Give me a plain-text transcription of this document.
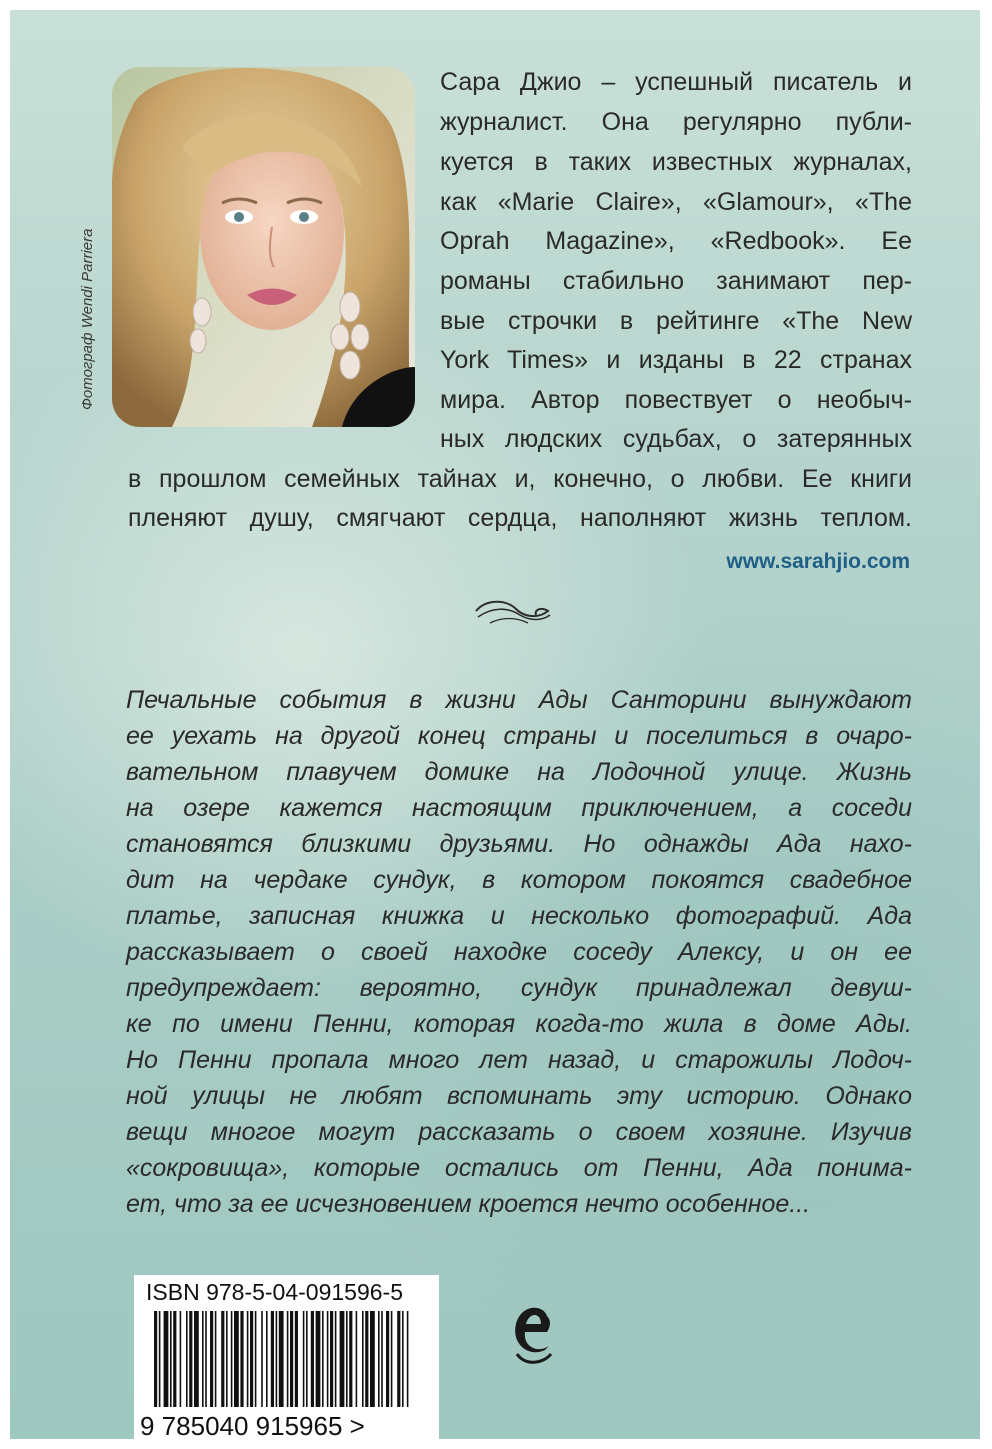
Фотограф Wendi Parriera
Сара Джио – успешный писатель и
журналист. Она регулярно публи-
куется в таких известных журналах,
как «Marie Claire», «Glamour», «The
Oprah Magazine», «Redbook». Ее
романы стабильно занимают пер-
вые строчки в рейтинге «The New
York Times» и изданы в 22 странах
мира. Автор повествует о необыч-
ных людских судьбах, о затерянных
в прошлом семейных тайнах и, конечно, о любви. Ее книги
пленяют душу, смягчают сердца, наполняют жизнь теплом.
www.sarahjio.com
Печальные события в жизни Ады Санторини вынуждают
ее уехать на другой конец страны и поселиться в очаро-
вательном плавучем домике на Лодочной улице. Жизнь
на озере кажется настоящим приключением, а соседи
становятся близкими друзьями. Но однажды Ада нахо-
дит на чердаке сундук, в котором покоятся свадебное
платье, записная книжка и несколько фотографий. Ада
рассказывает о своей находке соседу Алексу, и он ее
предупреждает: вероятно, сундук принадлежал девуш-
ке по имени Пенни, которая когда-то жила в доме Ады.
Но Пенни пропала много лет назад, и старожилы Лодоч-
ной улицы не любят вспоминать эту историю. Однако
вещи многое могут рассказать о своем хозяине. Изучив
«сокровища», которые остались от Пенни, Ада понима-
ет, что за ее исчезновением кроется нечто особенное...
ISBN 978-5-04-091596-5
9 785040 915965 >
